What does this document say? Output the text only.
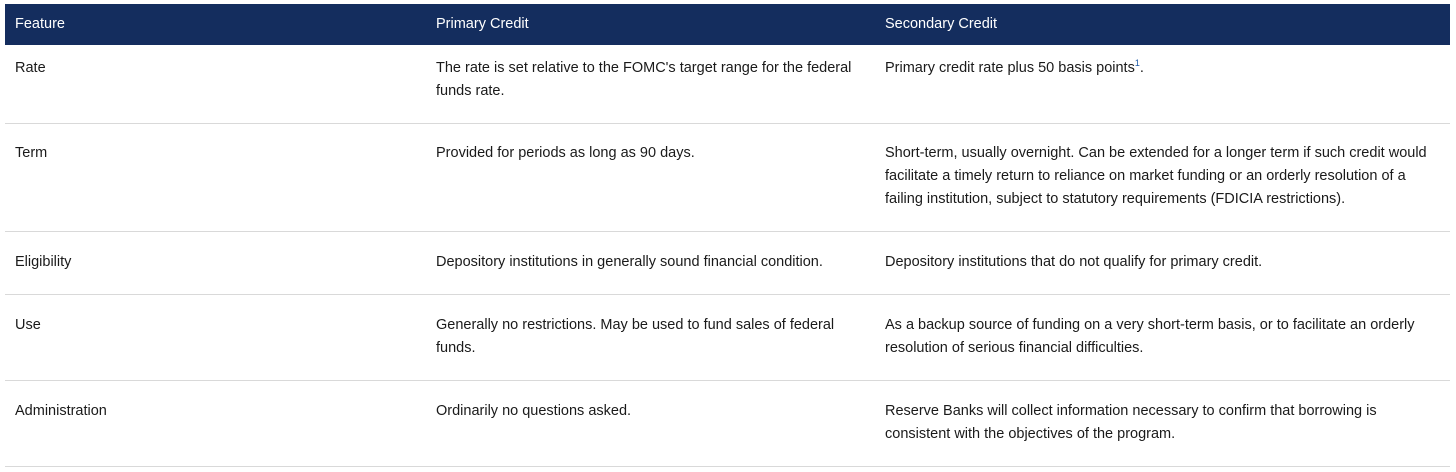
Feature	Primary Credit	Secondary Credit
Rate	The rate is set relative to the FOMC's target range for the federal funds rate.	Primary credit rate plus 50 basis points$^1$.
Term	Provided for periods as long as 90 days.	Short-term, usually overnight. Can be extended for a longer term if such credit would facilitate a timely return to reliance on market funding or an orderly resolution of a failing institution, subject to statutory requirements (FDICIA restrictions).
Eligibility	Depository institutions in generally sound financial condition.	Depository institutions that do not qualify for primary credit.
Use	Generally no restrictions. May be used to fund sales of federal funds.	As a backup source of funding on a very short-term basis, or to facilitate an orderly resolution of serious financial difficulties.
Administration	Ordinarily no questions asked.	Reserve Banks will collect information necessary to confirm that borrowing is consistent with the objectives of the program.
